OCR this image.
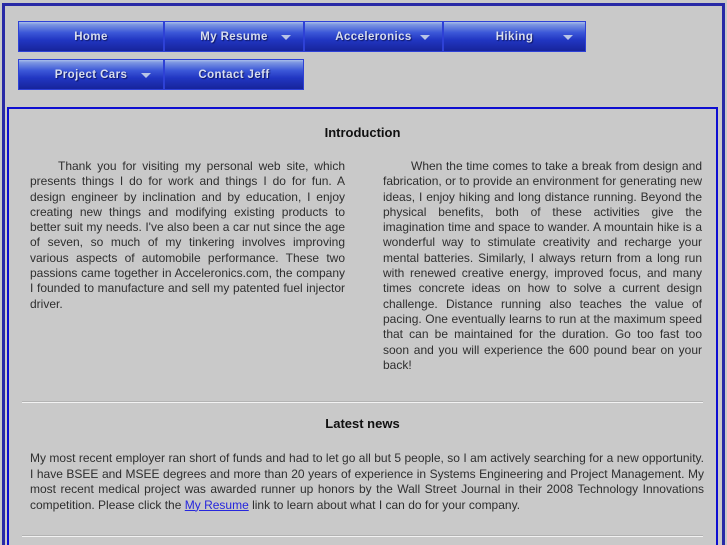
Home	My Resume	Acceleronics	Hiking
Project Cars	Contact Jeff
Introduction

Thank you for visiting my personal web site, which presents things I do for work and things I do for fun. A design engineer by inclination and by education, I enjoy creating new things and modifying existing products to better suit my needs. I've also been a car nut since the age of seven, so much of my tinkering involves improving various aspects of automobile performance. These two passions came together in Acceleronics.com, the company I founded to manufacture and sell my patented fuel injector driver.

When the time comes to take a break from design and fabrication, or to provide an environment for generating new ideas, I enjoy hiking and long distance running. Beyond the physical benefits, both of these activities give the imagination time and space to wander. A mountain hike is a wonderful way to stimulate creativity and recharge your mental batteries. Similarly, I always return from a long run with renewed creative energy, improved focus, and many times concrete ideas on how to solve a current design challenge. Distance running also teaches the value of pacing. One eventually learns to run at the maximum speed that can be maintained for the duration. Go too fast too soon and you will experience the 600 pound bear on your back!

Latest news

My most recent employer ran short of funds and had to let go all but 5 people, so I am actively searching for a new opportunity. I have BSEE and MSEE degrees and more than 20 years of experience in Systems Engineering and Project Management. My most recent medical project was awarded runner up honors by the Wall Street Journal in their 2008 Technology Innovations competition. Please click the My Resume link to learn about what I can do for your company.
